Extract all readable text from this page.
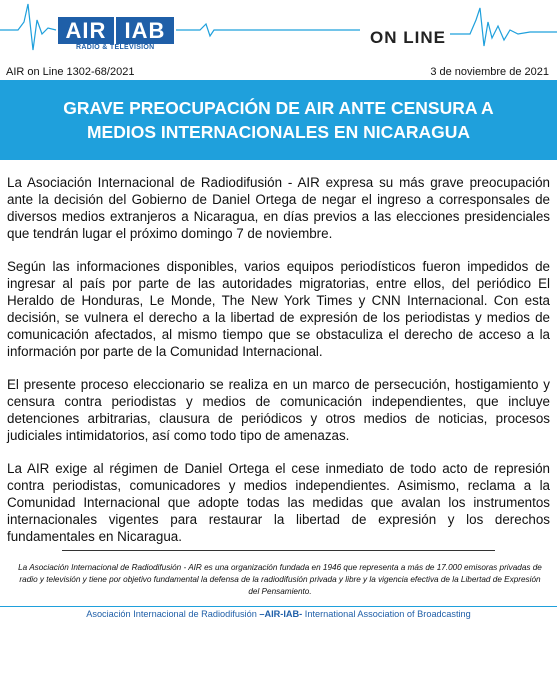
AIR IAB
RADIO & TELEVISION
ON LINE
AIR on Line 1302-68/2021	3 de noviembre de 2021
GRAVE PREOCUPACIÓN DE AIR ANTE CENSURA A MEDIOS INTERNACIONALES EN NICARAGUA

La Asociación Internacional de Radiodifusión - AIR expresa su más grave preocupación ante la decisión del Gobierno de Daniel Ortega de negar el ingreso a corresponsales de diversos medios extranjeros a Nicaragua, en días previos a las elecciones presidenciales que tendrán lugar el próximo domingo 7 de noviembre.

Según las informaciones disponibles, varios equipos periodísticos fueron impedidos de ingresar al país por parte de las autoridades migratorias, entre ellos, del periódico El Heraldo de Honduras, Le Monde, The New York Times y CNN Internacional. Con esta decisión, se vulnera el derecho a la libertad de expresión de los periodistas y medios de comunicación afectados, al mismo tiempo que se obstaculiza el derecho de acceso a la información por parte de la Comunidad Internacional.

El presente proceso eleccionario se realiza en un marco de persecución, hostigamiento y censura contra periodistas y medios de comunicación independientes, que incluye detenciones arbitrarias, clausura de periódicos y otros medios de noticias, procesos judiciales intimidatorios, así como todo tipo de amenazas.

La AIR exige al régimen de Daniel Ortega el cese inmediato de todo acto de represión contra periodistas, comunicadores y medios independientes. Asimismo, reclama a la Comunidad Internacional que adopte todas las medidas que avalan los instrumentos internacionales vigentes para restaurar la libertad de expresión y los derechos fundamentales en Nicaragua.

La Asociación Internacional de Radiodifusión - AIR es una organización fundada en 1946 que representa a más de 17.000 emisoras privadas de radio y televisión y tiene por objetivo fundamental la defensa de la radiodifusión privada y libre y la vigencia efectiva de la Libertad de Expresión del Pensamiento.
Asociación Internacional de Radiodifusión –AIR-IAB- International Association of Broadcasting
